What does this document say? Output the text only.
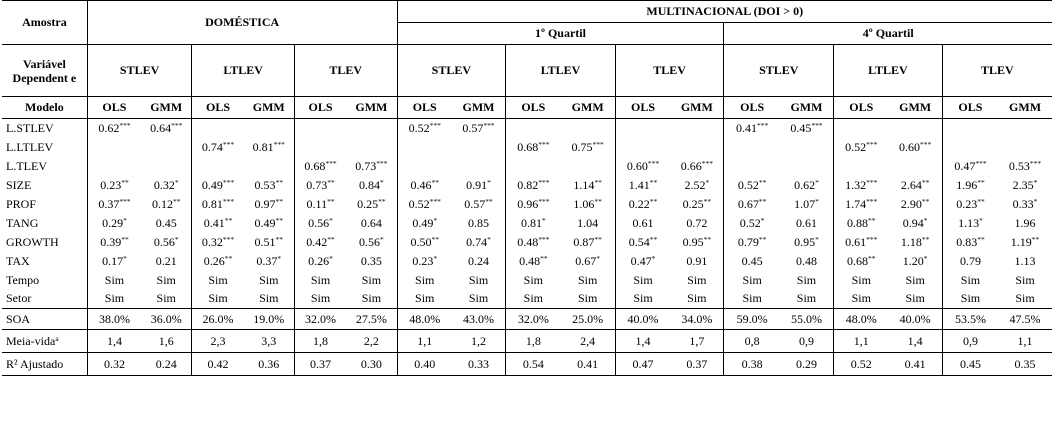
Amostra	DOMÉSTICA						MULTINACIONAL (DOI > 0)											
							1º Quartil						4º Quartil					
Variável Dependent e	STLEV		LTLEV		TLEV		STLEV		LTLEV		TLEV		STLEV		LTLEV		TLEV	
Modelo	OLS	GMM	OLS	GMM	OLS	GMM	OLS	GMM	OLS	GMM	OLS	GMM	OLS	GMM	OLS	GMM	OLS	GMM
L.STLEV	0.62***	0.64***					0.52***	0.57***					0.41***	0.45***				
L.LTLEV			0.74***	0.81***					0.68***	0.75***					0.52***	0.60***		
L.TLEV					0.68***	0.73***					0.60***	0.66***					0.47***	0.53***
SIZE	0.23**	0.32*	0.49***	0.53**	0.73**	0.84*	0.46**	0.91*	0.82***	1.14**	1.41**	2.52*	0.52**	0.62*	1.32***	2.64**	1.96**	2.35*
PROF	0.37***	0.12**	0.81***	0.97**	0.11**	0.25**	0.52***	0.57**	0.96***	1.06**	0.22**	0.25**	0.67**	1.07*	1.74***	2.90**	0.23**	0.33*
TANG	0.29*	0.45	0.41**	0.49**	0.56*	0.64	0.49*	0.85	0.81*	1.04	0.61	0.72	0.52*	0.61	0.88**	0.94*	1.13*	1.96
GROWTH	0.39**	0.56*	0.32***	0.51**	0.42**	0.56*	0.50**	0.74*	0.48***	0.87**	0.54**	0.95**	0.79**	0.95*	0.61***	1.18**	0.83**	1.19**
TAX	0.17*	0.21	0.26**	0.37*	0.26*	0.35	0.23*	0.24	0.48**	0.67*	0.47*	0.91	0.45	0.48	0.68**	1.20*	0.79	1.13
Tempo	Sim	Sim	Sim	Sim	Sim	Sim	Sim	Sim	Sim	Sim	Sim	Sim	Sim	Sim	Sim	Sim	Sim	Sim
Setor	Sim	Sim	Sim	Sim	Sim	Sim	Sim	Sim	Sim	Sim	Sim	Sim	Sim	Sim	Sim	Sim	Sim	Sim
SOA	38.0%	36.0%	26.0%	19.0%	32.0%	27.5%	48.0%	43.0%	32.0%	25.0%	40.0%	34.0%	59.0%	55.0%	48.0%	40.0%	53.5%	47.5%
Meia-vida$^a$	1,4	1,6	2,3	3,3	1,8	2,2	1,1	1,2	1,8	2,4	1,4	1,7	0,8	0,9	1,1	1,4	0,9	1,1
R² Ajustado	0.32	0.24	0.42	0.36	0.37	0.30	0.40	0.33	0.54	0.41	0.47	0.37	0.38	0.29	0.52	0.41	0.45	0.35
